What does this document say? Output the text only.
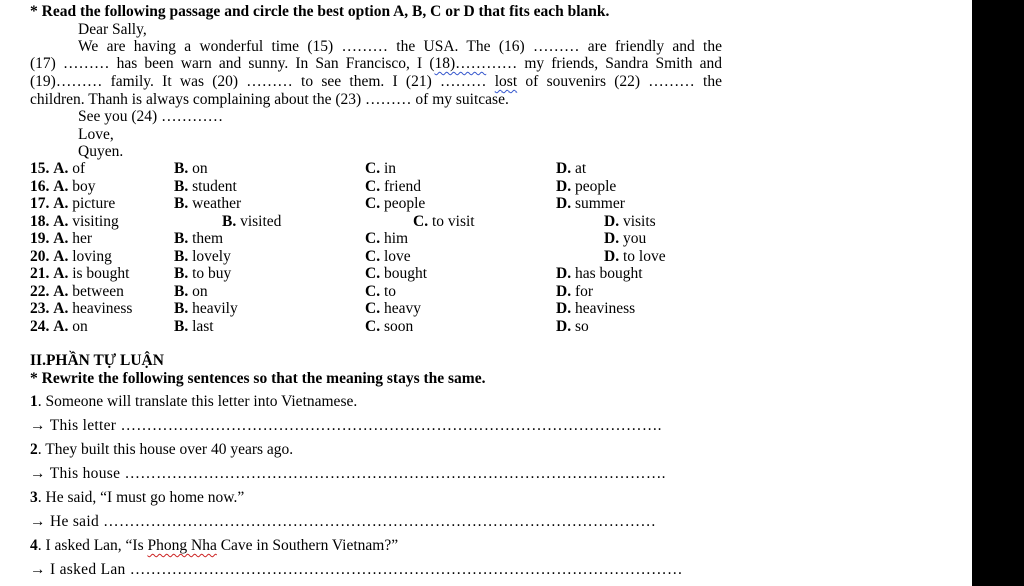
* Read the following passage and circle the best option A, B, C or D that fits each blank.
Dear Sally,
We are having a wonderful time (15) ……… the USA. The (16) ……… are friendly and the
(17) ……… has been warn and sunny. In San Francisco, I (18)………… my friends, Sandra Smith and
(19)……… family. It was (20) ……… to see them. I (21) ……… lost of souvenirs (22) ……… the
children. Thanh is always complaining about the (23) ……… of my suitcase.
See you (24) …………
Love,
Quyen.
15. A. of	B. on	C. in	D. at
16. A. boy	B. student	C. friend	D. people
17. A. picture	B. weather	C. people	D. summer
18. A. visiting	B. visited	C. to visit	D. visits
19. A. her	B. them	C. him	D. you
20. A. loving	B. lovely	C. love	D. to love
21. A. is bought	B. to buy	C. bought	D. has bought
22. A. between	B. on	C. to	D. for
23. A. heaviness	B. heavily	C. heavy	D. heaviness
24. A. on	B. last	C. soon	D. so
II.PHẦN TỰ LUẬN
* Rewrite the following sentences so that the meaning stays the same.
1. Someone will translate this letter into Vietnamese.
→ This letter ………………………………………………………………………………………….
2. They built this house over 40 years ago.
→ This house ………………………………………………………………………………………….
3. He said, “I must go home now.”
→ He said ……………………………………………………………………………………………
4. I asked Lan, “Is Phong Nha Cave in Southern Vietnam?”
→ I asked Lan ……………………………………………………………………………………………
